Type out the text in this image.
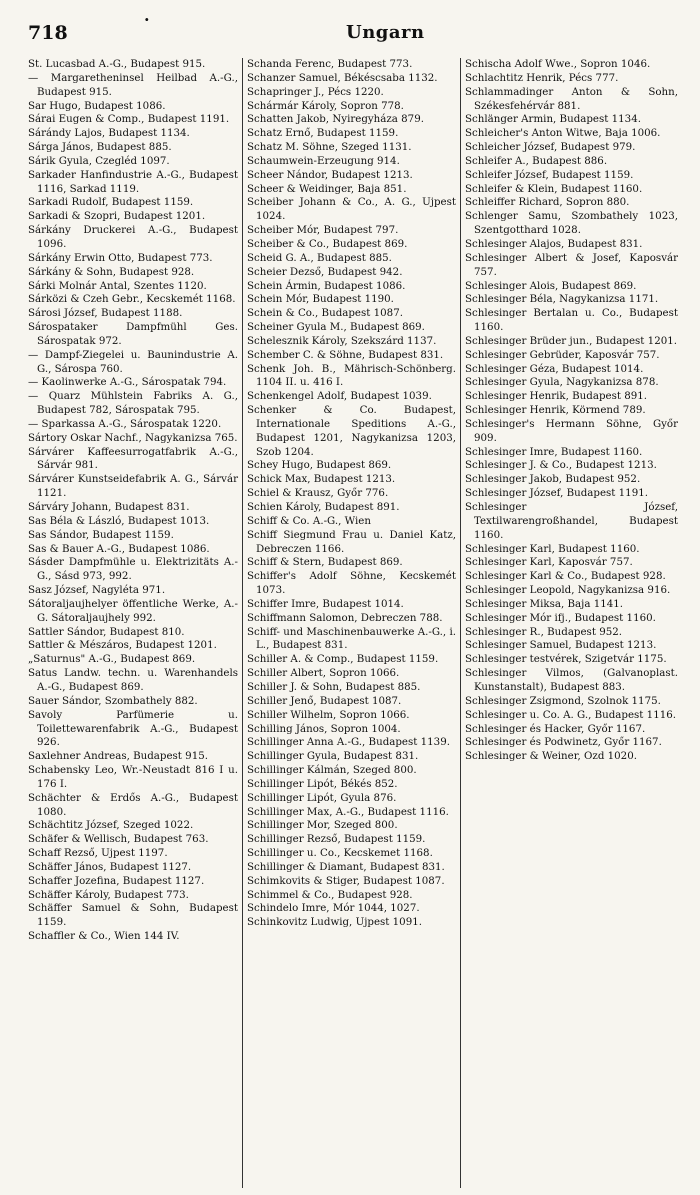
718
·
Ungarn
St. Lucasbad A.-G., Budapest 915.
— Margaretheninsel Heilbad A.-G., Budapest 915.
Sar Hugo, Budapest 1086.
Sárai Eugen & Comp., Budapest 1191.
Sárándy Lajos, Budapest 1134.
Sárga János, Budapest 885.
Sárik Gyula, Czegléd 1097.
Sarkader Hanfindustrie A.-G., Budapest 1116, Sarkad 1119.
Sarkadi Rudolf, Budapest 1159.
Sarkadi & Szopri, Budapest 1201.
Sárkány Druckerei A.-G., Budapest 1096.
Sárkány Erwin Otto, Budapest 773.
Sárkány & Sohn, Budapest 928.
Sárki Molnár Antal, Szentes 1120.
Sárközi & Czeh Gebr., Kecskemét 1168.
Sárosi József, Budapest 1188.
Sárospataker Dampfmühl Ges. Sárospatak 972.
— Dampf-Ziegelei u. Baunindustrie A. G., Sárospa 760.
— Kaolinwerke A.-G., Sárospatak 794.
— Quarz Mühlstein Fabriks A. G., Budapest 782, Sárospatak 795.
— Sparkassa A.-G., Sárospatak 1220.
Sártory Oskar Nachf., Nagykanizsa 765.
Sárvárer Kaffeesurrogatfabrik A.-G., Sárvár 981.
Sárvárer Kunstseidefabrik A. G., Sárvár 1121.
Sárváry Johann, Budapest 831.
Sas Béla & László, Budapest 1013.
Sas Sándor, Budapest 1159.
Sas & Bauer A.-G., Budapest 1086.
Sásder Dampfmühle u. Elektrizitäts A.-G., Sásd 973, 992.
Sasz József, Nagyléta 971.
Sátoraljaujhelyer öffentliche Werke, A.-G. Sátoraljaujhely 992.
Sattler Sándor, Budapest 810.
Sattler & Mészáros, Budapest 1201.
„Saturnus" A.-G., Budapest 869.
Satus Landw. techn. u. Warenhandels A.-G., Budapest 869.
Sauer Sándor, Szombathely 882.
Savoly Parfümerie u. Toilettewarenfabrik A.-G., Budapest 926.
Saxlehner Andreas, Budapest 915.
Schabensky Leo, Wr.-Neustadt 816 I u. 176 I.
Schächter & Erdős A.-G., Budapest 1080.
Schächtitz József, Szeged 1022.
Schäfer & Wellisch, Budapest 763.
Schaff Rezső, Ujpest 1197.
Schäffer János, Budapest 1127.
Schaffer Jozefina, Budapest 1127.
Schäffer Károly, Budapest 773.
Schäffer Samuel & Sohn, Budapest 1159.
Schaffler & Co., Wien 144 IV.
Schanda Ferenc, Budapest 773.
Schanzer Samuel, Békéscsaba 1132.
Schapringer J., Pécs 1220.
Schármár Károly, Sopron 778.
Schatten Jakob, Nyiregyháza 879.
Schatz Ernő, Budapest 1159.
Schatz M. Söhne, Szeged 1131.
Schaumwein-Erzeugung 914.
Scheer Nándor, Budapest 1213.
Scheer & Weidinger, Baja 851.
Scheiber Johann & Co., A. G., Ujpest 1024.
Scheiber Mór, Budapest 797.
Scheiber & Co., Budapest 869.
Scheid G. A., Budapest 885.
Scheier Dezső, Budapest 942.
Schein Ármin, Budapest 1086.
Schein Mór, Budapest 1190.
Schein & Co., Budapest 1087.
Scheiner Gyula M., Budapest 869.
Schelesznik Károly, Szekszárd 1137.
Schember C. & Söhne, Budapest 831.
Schenk Joh. B., Mährisch-Schönberg. 1104 II. u. 416 I.
Schenkengel Adolf, Budapest 1039.
Schenker & Co. Budapest, Internationale Speditions A.-G., Budapest 1201, Nagykanizsa 1203, Szob 1204.
Schey Hugo, Budapest 869.
Schick Max, Budapest 1213.
Schiel & Krausz, Győr 776.
Schien Károly, Budapest 891.
Schiff & Co. A.-G., Wien
Schiff Siegmund Frau u. Daniel Katz, Debreczen 1166.
Schiff & Stern, Budapest 869.
Schiffer's Adolf Söhne, Kecskemét 1073.
Schiffer Imre, Budapest 1014.
Schiffmann Salomon, Debreczen 788.
Schiff- und Maschinenbauwerke A.-G., i. L., Budapest 831.
Schiller A. & Comp., Budapest 1159.
Schiller Albert, Sopron 1066.
Schiller J. & Sohn, Budapest 885.
Schiller Jenő, Budapest 1087.
Schiller Wilhelm, Sopron 1066.
Schilling János, Sopron 1004.
Schillinger Anna A.-G., Budapest 1139.
Schillinger Gyula, Budapest 831.
Schillinger Kálmán, Szeged 800.
Schillinger Lipót, Békés 852.
Schillinger Lipót, Gyula 876.
Schillinger Max, A.-G., Budapest 1116.
Schillinger Mor, Szeged 800.
Schillinger Rezső, Budapest 1159.
Schillinger u. Co., Kecskemet 1168.
Schillinger & Diamant, Budapest 831.
Schimkovits & Stiger, Budapest 1087.
Schimmel & Co., Budapest 928.
Schindelo Imre, Mór 1044, 1027.
Schinkovitz Ludwig, Ujpest 1091.
Schischa Adolf Wwe., Sopron 1046.
Schlachtitz Henrik, Pécs 777.
Schlammadinger Anton & Sohn, Székesfehérvár 881.
Schlänger Armin, Budapest 1134.
Schleicher's Anton Witwe, Baja 1006.
Schleicher József, Budapest 979.
Schleifer A., Budapest 886.
Schleifer József, Budapest 1159.
Schleifer & Klein, Budapest 1160.
Schleiffer Richard, Sopron 880.
Schlenger Samu, Szombathely 1023, Szentgotthard 1028.
Schlesinger Alajos, Budapest 831.
Schlesinger Albert & Josef, Kaposvár 757.
Schlesinger Alois, Budapest 869.
Schlesinger Béla, Nagykanizsa 1171.
Schlesinger Bertalan u. Co., Budapest 1160.
Schlesinger Brüder jun., Budapest 1201.
Schlesinger Gebrüder, Kaposvár 757.
Schlesinger Géza, Budapest 1014.
Schlesinger Gyula, Nagykanizsa 878.
Schlesinger Henrik, Budapest 891.
Schlesinger Henrik, Körmend 789.
Schlesinger's Hermann Söhne, Győr 909.
Schlesinger Imre, Budapest 1160.
Schlesinger J. & Co., Budapest 1213.
Schlesinger Jakob, Budapest 952.
Schlesinger József, Budapest 1191.
Schlesinger József, Textilwarengroßhandel, Budapest 1160.
Schlesinger Karl, Budapest 1160.
Schlesinger Karl, Kaposvár 757.
Schlesinger Karl & Co., Budapest 928.
Schlesinger Leopold, Nagykanizsa 916.
Schlesinger Miksa, Baja 1141.
Schlesinger Mór ifj., Budapest 1160.
Schlesinger R., Budapest 952.
Schlesinger Samuel, Budapest 1213.
Schlesinger testvérek, Szigetvár 1175.
Schlesinger Vilmos, (Galvanoplast. Kunstanstalt), Budapest 883.
Schlesinger Zsigmond, Szolnok 1175.
Schlesinger u. Co. A. G., Budapest 1116.
Schlesinger és Hacker, Győr 1167.
Schlesinger és Podwinetz, Győr 1167.
Schlesinger & Weiner, Ozd 1020.
